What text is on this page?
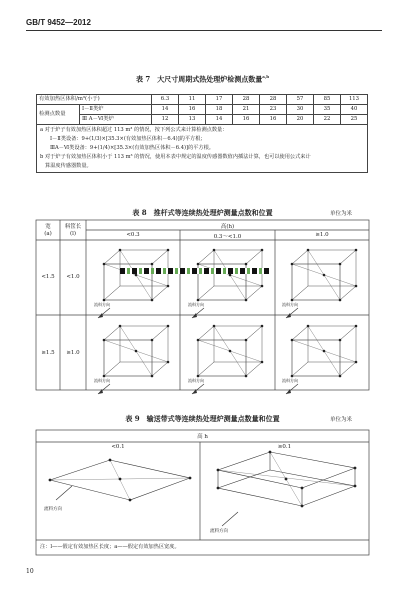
GB/T 9452—2012
表 7　大尺寸周期式热处理炉检测点数量$^{a,b}$
有效加热区体积/m³(小于)		6.3	11	17	28	28	57	85	113
检测点数量	Ⅰ－Ⅱ类炉	14	16	18	21	23	30	35	40
	Ⅲ A－Ⅵ类炉	12	13	14	16	16	20	22	25

a 对于炉子有效加热区体积超过 113 m³ 的情况，按下列公式来计算检测点数量：
Ⅰ－Ⅱ类设备：9+(1/3)×[35.3×(有效加热区体积－6.4)]的平方根；
ⅢA－Ⅵ类设备：9+(1/4)×[35.3×(有效加热区体积－6.4)]的平方根。
b 对于炉子有效加热区体积小于 113 m³ 的情况，使用本表中规定的温度传感器数值内插法计算，也可以使用公式来计
算温度传感器数量。									
表 8　推杆式等连续热处理炉测量点数和位置	单位为米
宽
(a)
料筐长
(l)
高(h)
<0.3	0.3～<1.0	≥1.0
<1.5	<1.0
≥1.5	≥1.0
流料方向	流料方向	流料方向
流料方向	流料方向	流料方向
表 9　输送带式等连续热处理炉测量点数量和位置	单位为米
高 h
<0.1	≥0.1
流料方向
流料方向
注：l——假定有效加热区长度；a——假定有效加热区宽度。
10
